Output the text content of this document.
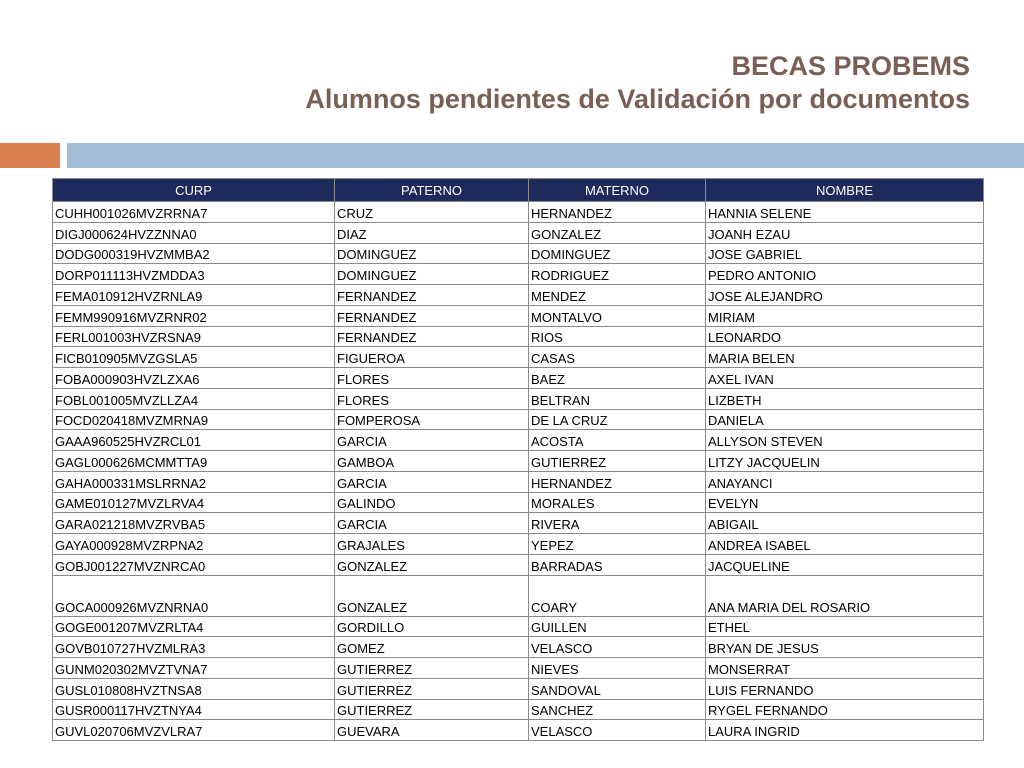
BECAS PROBEMS
Alumnos pendientes de Validación por documentos
CURP	PATERNO	MATERNO	NOMBRE
CUHH001026MVZRRNA7	CRUZ	HERNANDEZ	HANNIA SELENE
DIGJ000624HVZZNNA0	DIAZ	GONZALEZ	JOANH EZAU
DODG000319HVZMMBA2	DOMINGUEZ	DOMINGUEZ	JOSE GABRIEL
DORP011113HVZMDDA3	DOMINGUEZ	RODRIGUEZ	PEDRO ANTONIO
FEMA010912HVZRNLA9	FERNANDEZ	MENDEZ	JOSE ALEJANDRO
FEMM990916MVZRNR02	FERNANDEZ	MONTALVO	MIRIAM
FERL001003HVZRSNA9	FERNANDEZ	RIOS	LEONARDO
FICB010905MVZGSLA5	FIGUEROA	CASAS	MARIA BELEN
FOBA000903HVZLZXA6	FLORES	BAEZ	AXEL IVAN
FOBL001005MVZLLZA4	FLORES	BELTRAN	LIZBETH
FOCD020418MVZMRNA9	FOMPEROSA	DE LA CRUZ	DANIELA
GAAA960525HVZRCL01	GARCIA	ACOSTA	ALLYSON STEVEN
GAGL000626MCMMTTA9	GAMBOA	GUTIERREZ	LITZY JACQUELIN
GAHA000331MSLRRNA2	GARCIA	HERNANDEZ	ANAYANCI
GAME010127MVZLRVA4	GALINDO	MORALES	EVELYN
GARA021218MVZRVBA5	GARCIA	RIVERA	ABIGAIL
GAYA000928MVZRPNA2	GRAJALES	YEPEZ	ANDREA ISABEL
GOBJ001227MVZNRCA0	GONZALEZ	BARRADAS	JACQUELINE
GOCA000926MVZNRNA0	GONZALEZ	COARY	ANA MARIA DEL ROSARIO
GOGE001207MVZRLTA4	GORDILLO	GUILLEN	ETHEL
GOVB010727HVZMLRA3	GOMEZ	VELASCO	BRYAN DE JESUS
GUNM020302MVZTVNA7	GUTIERREZ	NIEVES	MONSERRAT
GUSL010808HVZTNSA8	GUTIERREZ	SANDOVAL	LUIS FERNANDO
GUSR000117HVZTNYA4	GUTIERREZ	SANCHEZ	RYGEL FERNANDO
GUVL020706MVZVLRA7	GUEVARA	VELASCO	LAURA INGRID
